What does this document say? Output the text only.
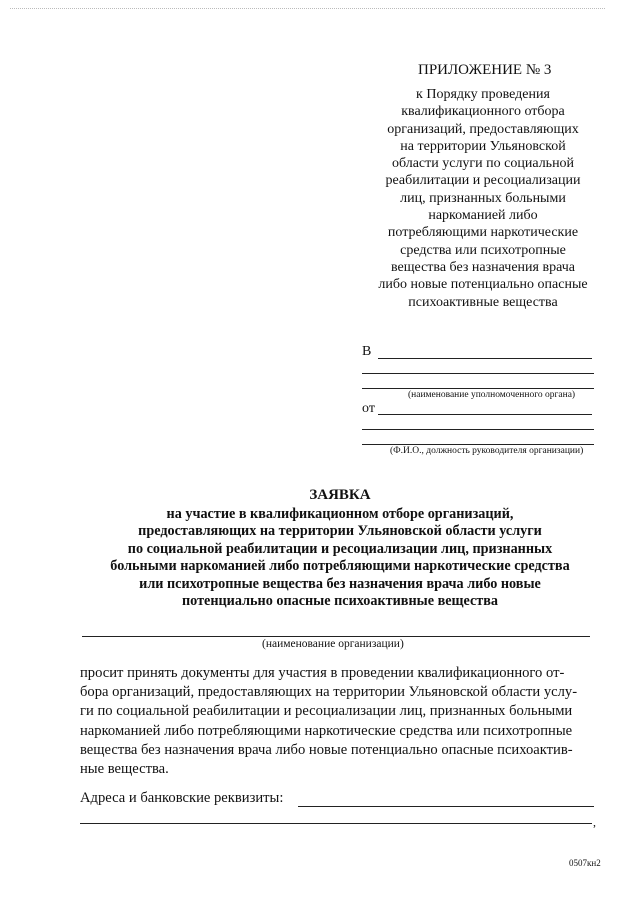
ПРИЛОЖЕНИЕ № 3
к Порядку проведения
квалификационного отбора
организаций, предоставляющих
на территории Ульяновской
области услуги по социальной
реабилитации и ресоциализации
лиц, признанных больными
наркоманией либо
потребляющими наркотические
средства или психотропные
вещества без назначения врача
либо новые потенциально опасные
психоактивные вещества
В
(наименование уполномоченного органа)
от
(Ф.И.О., должность руководителя организации)
ЗАЯВКА
на участие в квалификационном отборе организаций,
предоставляющих на территории Ульяновской области услуги
по социальной реабилитации и ресоциализации лиц, признанных
больными наркоманией либо потребляющими наркотические средства
или психотропные вещества без назначения врача либо новые
потенциально опасные психоактивные вещества
(наименование организации)
просит принять документы для участия в проведении квалификационного от-
бора организаций, предоставляющих на территории Ульяновской области услу-
ги по социальной реабилитации и ресоциализации лиц, признанных больными
наркоманией либо потребляющими наркотические средства или психотропные
вещества без назначения врача либо новые потенциально опасные психоактив-
ные вещества.
Адреса и банковские реквизиты:
,
0507кн2
